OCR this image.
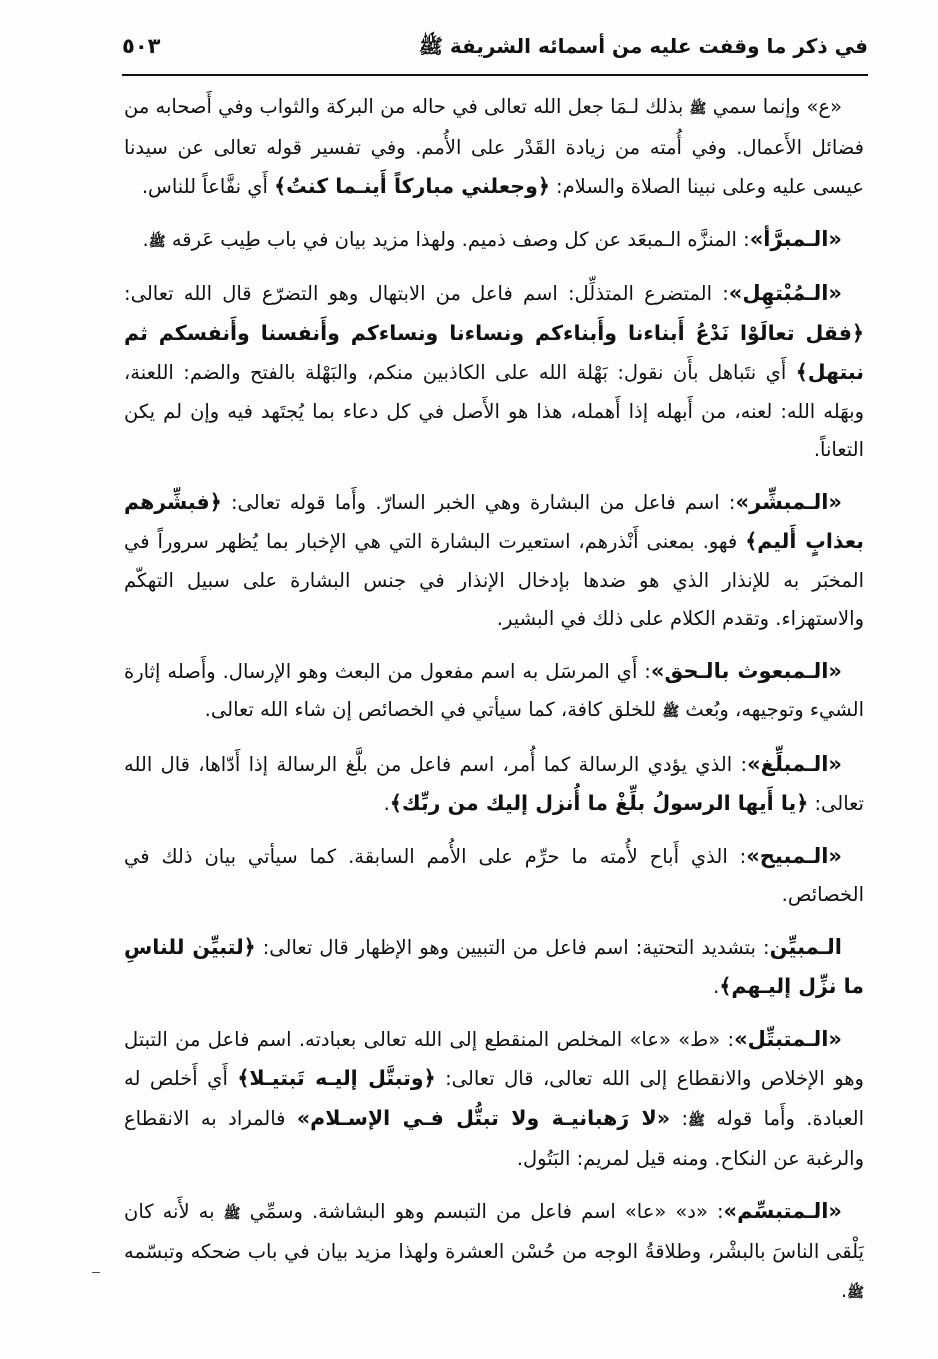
في ذكر ما وقفت عليه من أسمائه الشريفة ﷺ
٥٠٣

«ع» وإنما سمي ﷺ بذلك لـمَا جعل الله تعالى في حاله من البركة والثواب وفي أَصحابه من فضائل الأَعمال. وفي أُمته من زيادة القَدْر على الأُمم. وفي تفسير قوله تعالى عن سيدنا عيسى عليه وعلى نبينا الصلاة والسلام: ﴿وجعلني مباركاً أَينـما كنتُ﴾ أَي نفَّاعاً للناس.

«الـمبرَّأ»: المنزَّه الـمبعَد عن كل وصف ذميم. ولهذا مزيد بيان في باب طِيب عَرقه ﷺ.

«الـمُبْتهِل»: المتضرع المتذلِّل: اسم فاعل من الابتهال وهو التضرّع قال الله تعالى: ﴿فقل تعالَوْا نَدْعُ أَبناءنا وأَبناءكم ونساءنا ونساءكم وأَنفسنا وأَنفسكم ثم نبتهل﴾ أَي نتَباهل بأَن نقول: بَهْلة الله على الكاذبين منكم، والبَهْلة بالفتح والضم: اللعنة، وبهَله الله: لعنه، من أَبهله إذا أَهمله، هذا هو الأَصل في كل دعاء بما يُجتَهد فيه وإن لم يكن التعاناً.

«الـمبشِّر»: اسم فاعل من البشارة وهي الخبر السارّ. وأَما قوله تعالى: ﴿فبشِّرهم بعذابٍ أَليم﴾ فهو. بمعنى أَنْذرهم، استعيرت البشارة التي هي الإخبار بما يُظهر سروراً في المخبَر به للإنذار الذي هو ضدها بإدخال الإنذار في جنس البشارة على سبيل التهكّم والاستهزاء. وتقدم الكلام على ذلك في البشير.

«الـمبعوث بالـحق»: أَي المرسَل به اسم مفعول من البعث وهو الإرسال. وأَصله إثارة الشيء وتوجيهه، وبُعث ﷺ للخلق كافة، كما سيأتي في الخصائص إن شاء الله تعالى.

«الـمبلِّغ»: الذي يؤدي الرسالة كما أُمر، اسم فاعل من بلَّغ الرسالة إذا أَدّاها، قال الله تعالى: ﴿يا أَيها الرسولُ بلِّغْ ما أُنزل إليك من ربِّك﴾.

«الـمبيح»: الذي أَباح لأُمته ما حرِّم على الأُمم السابقة. كما سيأتي بيان ذلك في الخصائص.

الـمبيِّن: بتشديد التحتية: اسم فاعل من التبيين وهو الإظهار قال تعالى: ﴿لتبيِّن للناسِ ما نزِّل إليـهم﴾.

«الـمتبتِّل»: «ط» «عا» المخلص المنقطع إلى الله تعالى بعبادته. اسم فاعل من التبتل وهو الإخلاص والانقطاع إلى الله تعالى، قال تعالى: ﴿وتبتَّل إليـه تَبتيـلا﴾ أَي أَخلص له العبادة. وأَما قوله ﷺ: «لا رَهبانيـة ولا تبتُّل فـي الإسـلام» فالمراد به الانقطاع والرغبة عن النكاح. ومنه قيل لمريم: البَتُول.

«الـمتبسِّم»: «د» «عا» اسم فاعل من التبسم وهو البشاشة. وسمِّي ﷺ به لأَنه كان يَلْقى الناسَ بالبشْر، وطلاقةُ الوجه من حُسْن العشرة ولهذا مزيد بيان في باب ضحكه وتبسّمه ﷺ.
